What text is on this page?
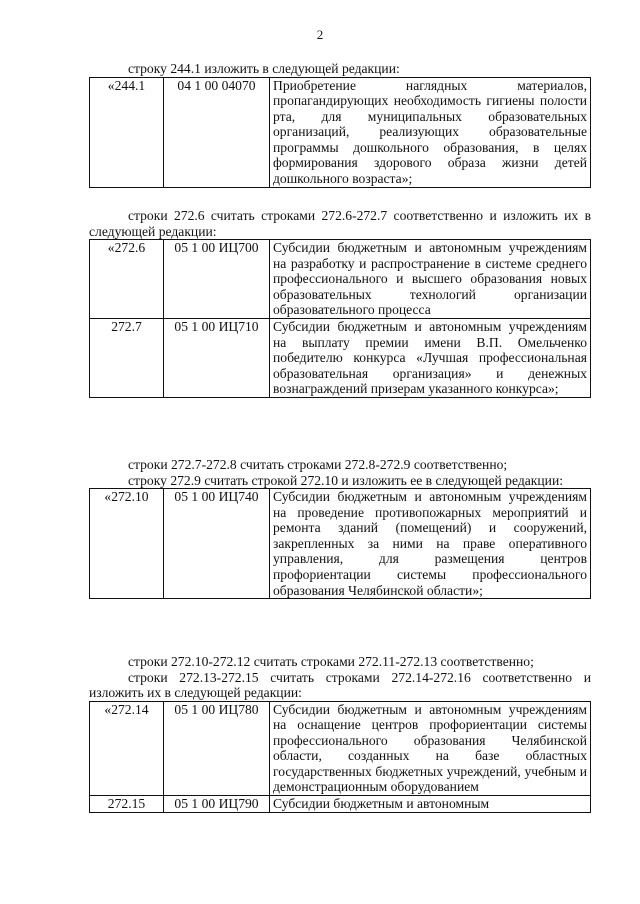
2

строку 244.1 изложить в следующей редакции:

«244.1	04 1 00 04070	Приобретение наглядных материалов, пропагандирующих необходимость гигиены полости рта, для муниципальных образовательных организаций, реализующих образовательные программы дошкольного образования, в целях формирования здорового образа жизни детей дошкольного возраста»;

строки 272.6 считать строками 272.6-272.7 соответственно и изложить их в следующей редакции:

«272.6	05 1 00 ИЦ700	Субсидии бюджетным и автономным учреждениям на разработку и распространение в системе среднего профессионального и высшего образования новых образовательных технологий организации образовательного процесса
272.7	05 1 00 ИЦ710	Субсидии бюджетным и автономным учреждениям на выплату премии имени В.П. Омельченко победителю конкурса «Лучшая профессиональная образовательная организация» и денежных вознаграждений призерам указанного конкурса»;

строки 272.7-272.8 считать строками 272.8-272.9 соответственно;

строку 272.9 считать строкой 272.10 и изложить ее в следующей редакции:

«272.10	05 1 00 ИЦ740	Субсидии бюджетным и автономным учреждениям на проведение противопожарных мероприятий и ремонта зданий (помещений) и сооружений, закрепленных за ними на праве оперативного управления, для размещения центров профориентации системы профессионального образования Челябинской области»;

строки 272.10-272.12 считать строками 272.11-272.13 соответственно;

строки 272.13-272.15 считать строками 272.14-272.16 соответственно и изложить их в следующей редакции:

«272.14	05 1 00 ИЦ780	Субсидии бюджетным и автономным учреждениям на оснащение центров профориентации системы профессионального образования Челябинской области, созданных на базе областных государственных бюджетных учреждений, учебным и демонстрационным оборудованием
272.15	05 1 00 ИЦ790	Субсидии бюджетным и автономным
